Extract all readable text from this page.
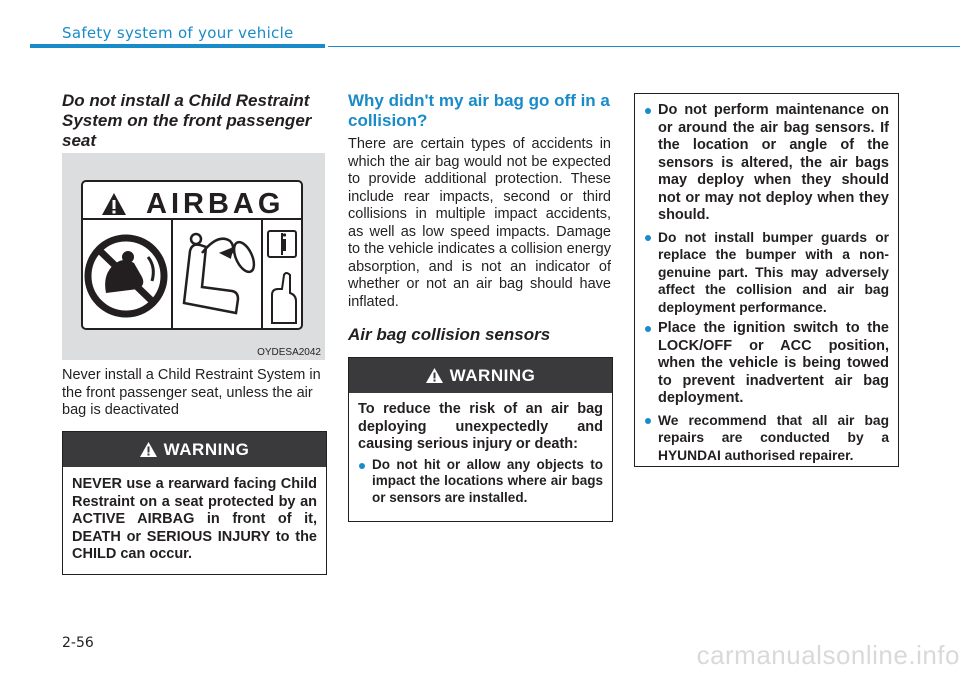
Safety system of your vehicle
Do not install a Child Restraint System on the front passenger seat
AIRBAG
OYDESA2042
Never install a Child Restraint System in the front passenger seat, unless the air bag is deactivated
WARNING
NEVER use a rearward facing Child Restraint on a seat protected by an ACTIVE AIRBAG in front of it, DEATH or SERIOUS INJURY to the CHILD can occur.
Why didn't my air bag go off in a collision?
There are certain types of accidents in which the air bag would not be expected to provide additional protection. These include rear impacts, second or third collisions in multiple impact accidents, as well as low speed impacts. Damage to the vehicle indicates a collision energy absorption, and is not an indicator of whether or not an air bag should have inflated.
Air bag collision sensors
WARNING
To reduce the risk of an air bag deploying unexpectedly and causing serious injury or death:
Do not hit or allow any objects to impact the locations where air bags or sensors are installed.
Do not perform maintenance on or around the air bag sensors. If the location or angle of the sensors is altered, the air bags may deploy when they should not or may not deploy when they should.
Do not install bumper guards or replace the bumper with a non-genuine part. This may adversely affect the collision and air bag deployment performance.
Place the ignition switch to the LOCK/OFF or ACC position, when the vehicle is being towed to prevent inadvertent air bag deployment.
We recommend that all air bag repairs are conducted by a HYUNDAI authorised repairer.
2-56	carmanualsonline.info
